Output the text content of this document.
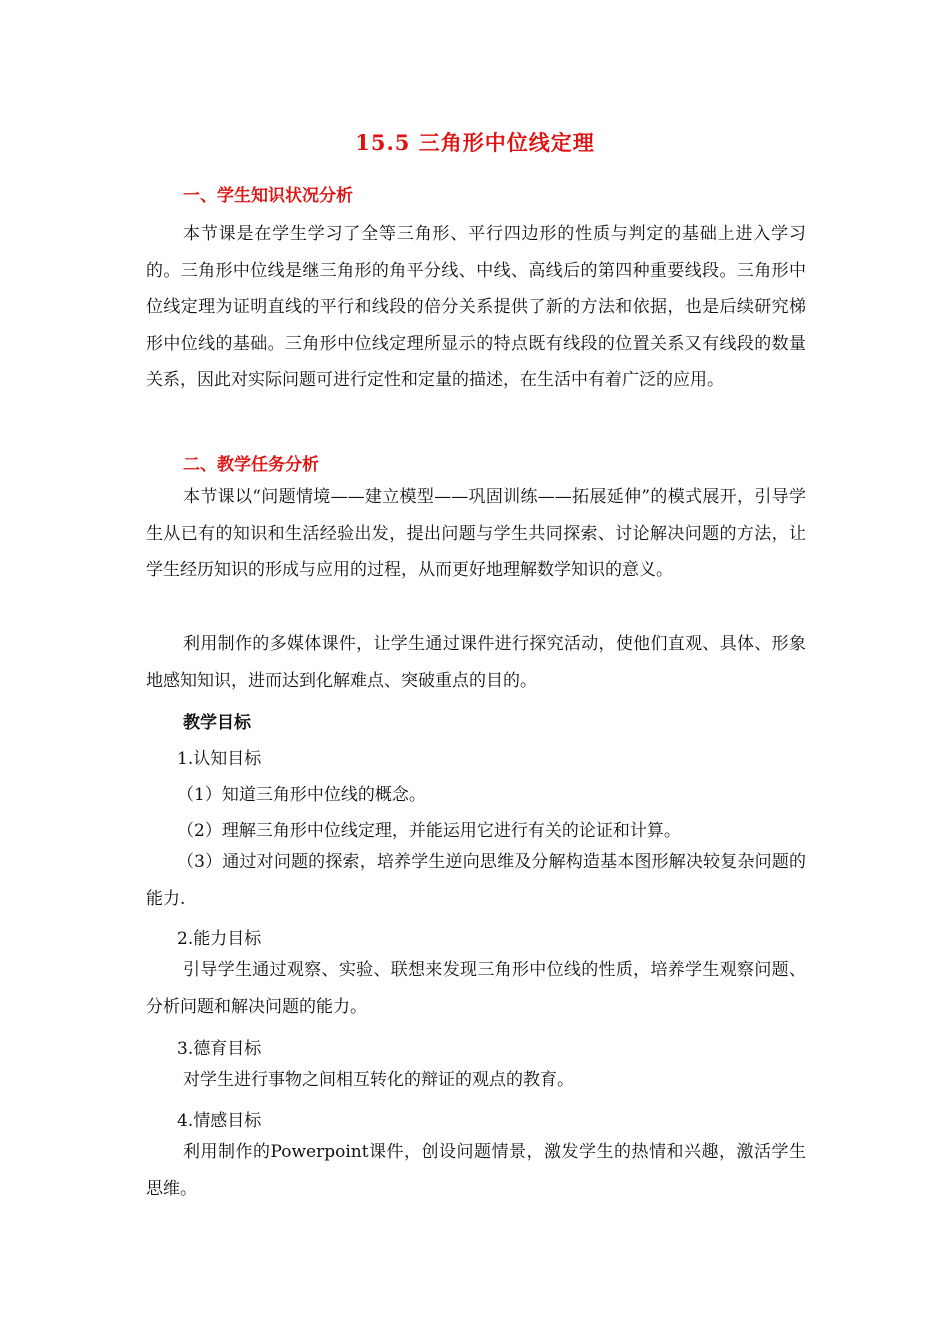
15.5 三角形中位线定理
一、学生知识状况分析
本节课是在学生学习了全等三角形、平行四边形的性质与判定的基础上进入学习的。三角形中位线是继三角形的角平分线、中线、高线后的第四种重要线段。三角形中位线定理为证明直线的平行和线段的倍分关系提供了新的方法和依据，也是后续研究梯形中位线的基础。三角形中位线定理所显示的特点既有线段的位置关系又有线段的数量关系，因此对实际问题可进行定性和定量的描述，在生活中有着广泛的应用。
二、教学任务分析
本节课以“问题情境——建立模型——巩固训练——拓展延伸”的模式展开，引导学生从已有的知识和生活经验出发，提出问题与学生共同探索、讨论解决问题的方法，让学生经历知识的形成与应用的过程，从而更好地理解数学知识的意义。
利用制作的多媒体课件，让学生通过课件进行探究活动，使他们直观、具体、形象地感知知识，进而达到化解难点、突破重点的目的。
教学目标
1.认知目标
（1）知道三角形中位线的概念。
（2）理解三角形中位线定理，并能运用它进行有关的论证和计算。
（3）通过对问题的探索，培养学生逆向思维及分解构造基本图形解决较复杂问题的能力.
2.能力目标
引导学生通过观察、实验、联想来发现三角形中位线的性质，培养学生观察问题、分析问题和解决问题的能力。
3.德育目标
对学生进行事物之间相互转化的辩证的观点的教育。
4.情感目标
利用制作的Powerpoint课件，创设问题情景，激发学生的热情和兴趣，激活学生思维。
